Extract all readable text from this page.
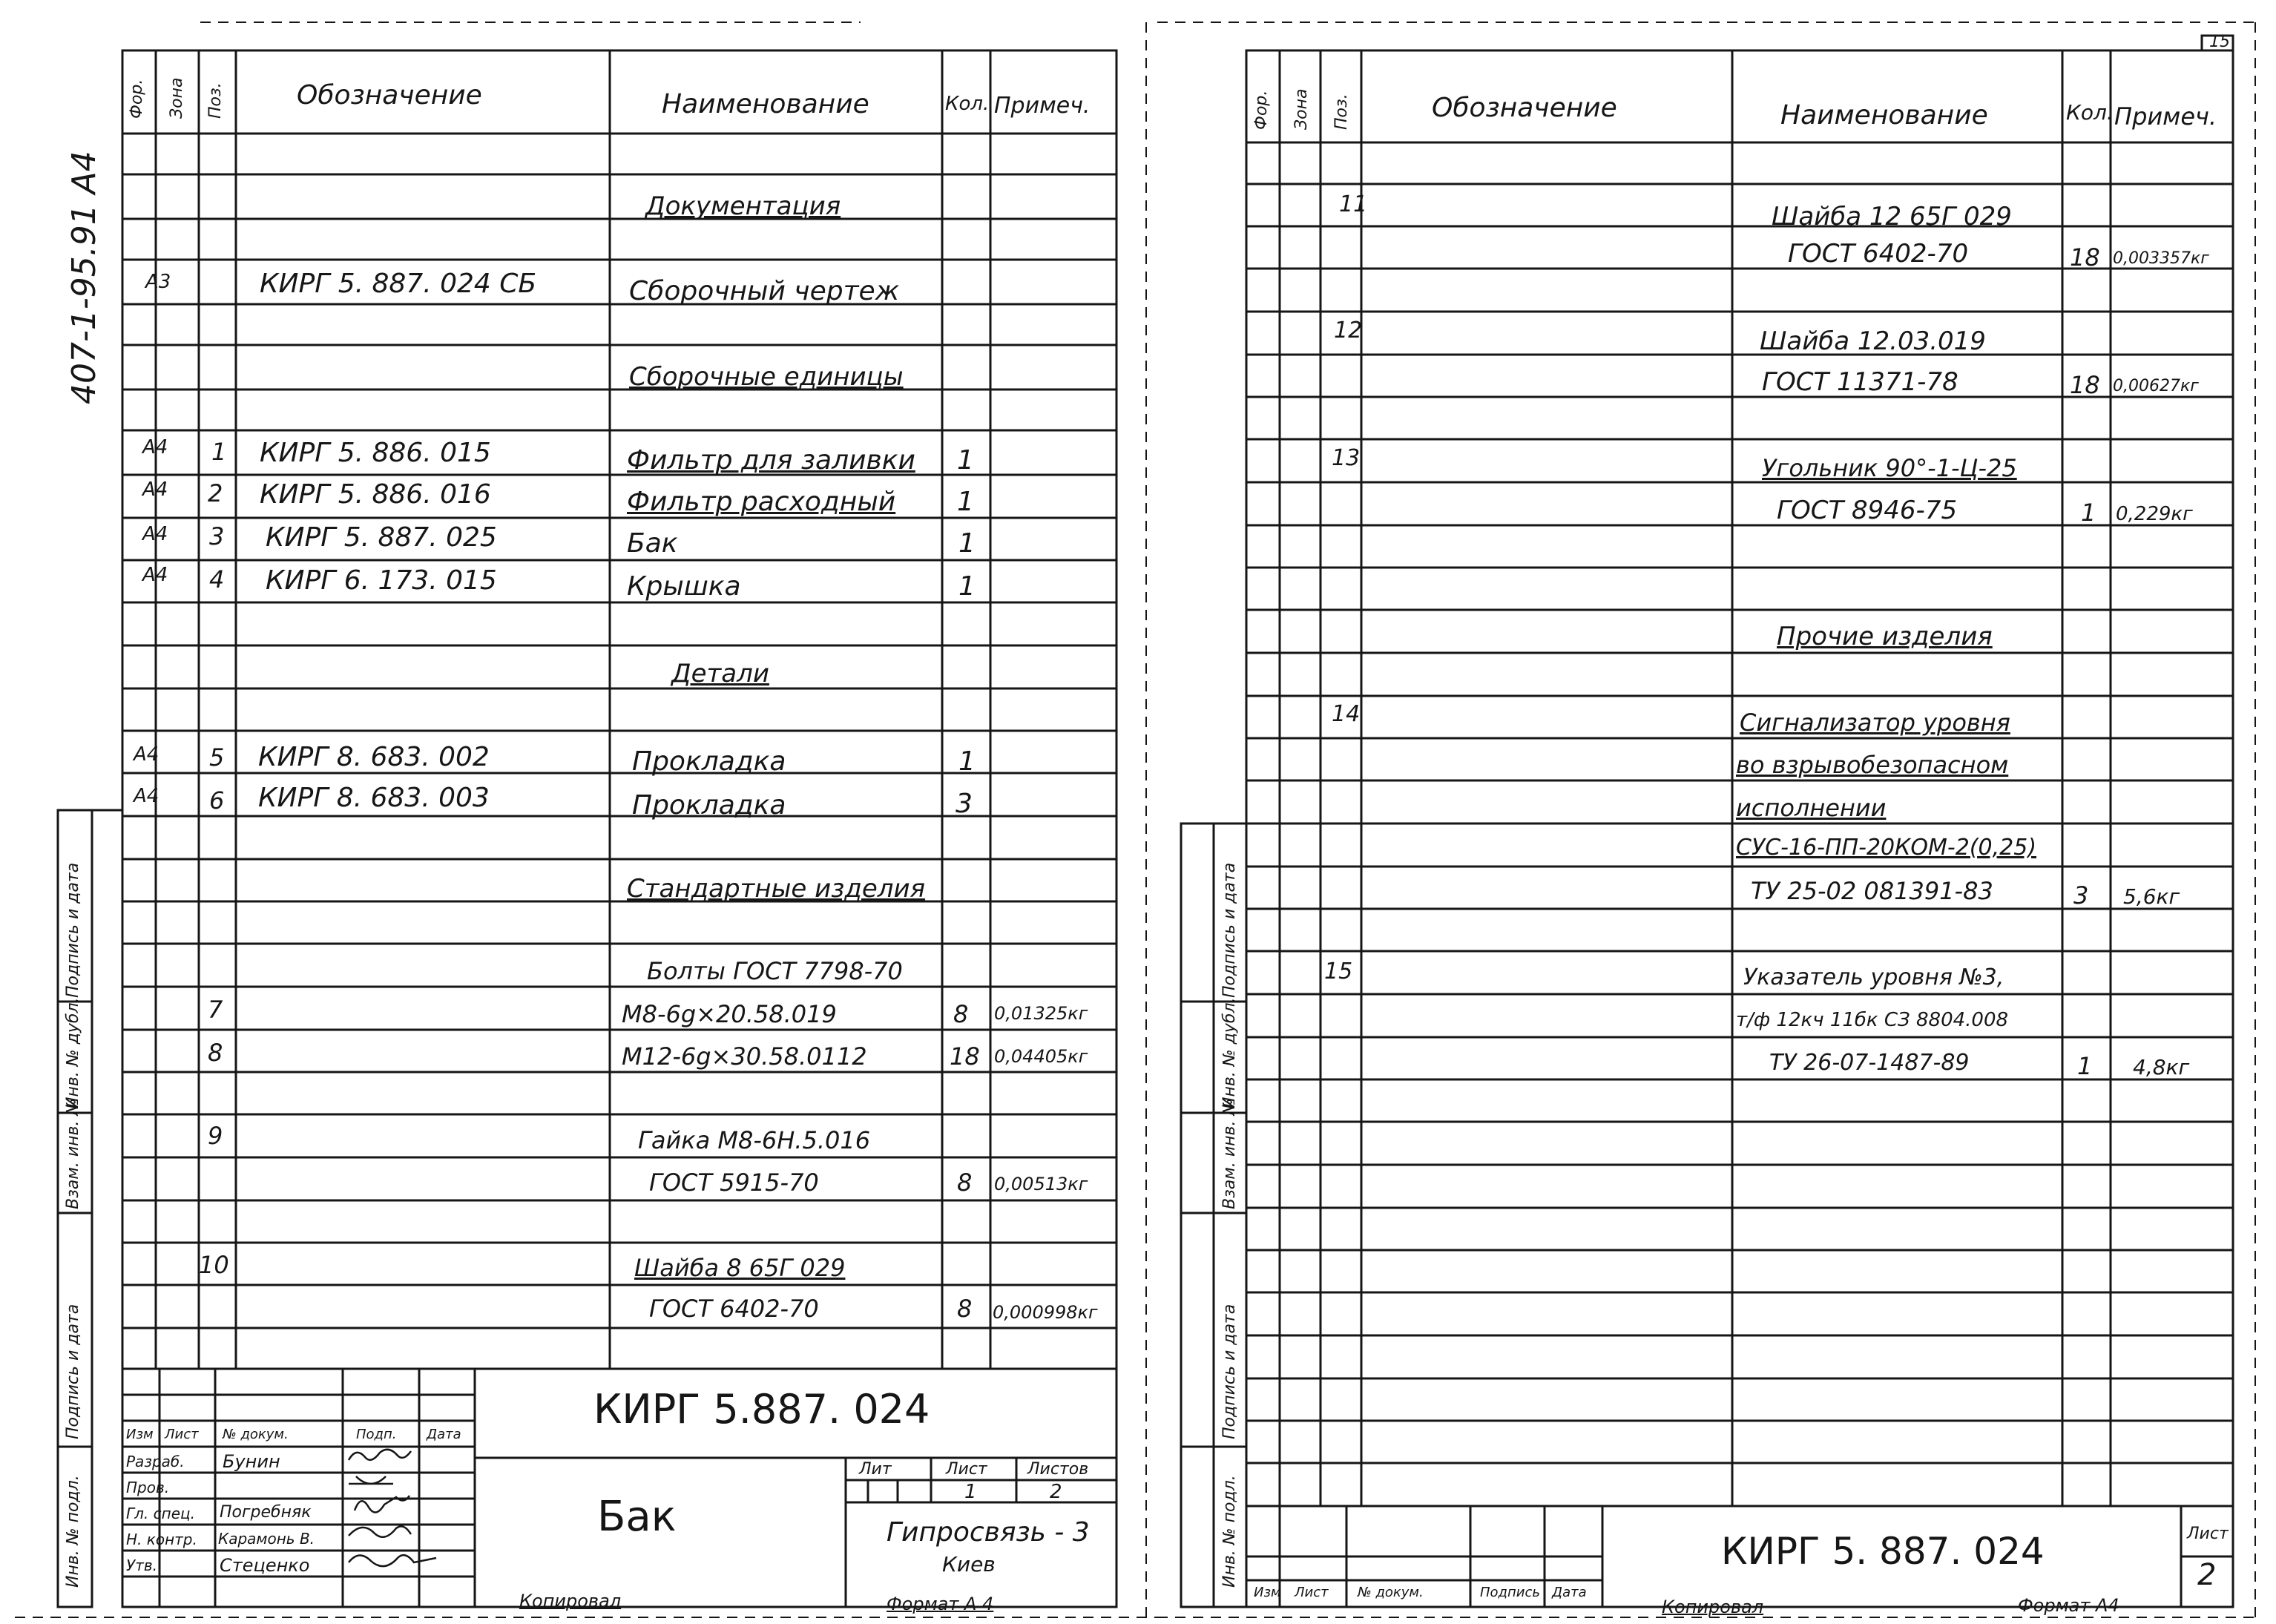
407-1-95.91 A4
Фор. Зона Поз.	Обозначение	Наименование	Кол. Примеч.
Документация
А3	КИРГ 5. 887. 024 СБ	Сборочный чертеж
Сборочные единицы
А4 1 КИРГ 5. 886. 015	Фильтр для заливки 1
А4 2 КИРГ 5. 886. 016	Фильтр расходный 1
А4 3 КИРГ 5. 887. 025	Бак	1
А4 4 КИРГ 6. 173. 015	Крышка	1
Детали
А4 5 КИРГ 8. 683. 002	Прокладка	1
А4 6 КИРГ 8. 683. 003	Прокладка	3
Стандартные изделия
Болты ГОСТ 7798-70
7	М8-6g×20.58.019	8 0,01325кг
8	М12-6g×30.58.0112	18 0,04405кг
9	Гайка М8-6Н.5.016
ГОСТ 5915-70	8 0,00513кг
10	Шайба 8 65Г 029
ГОСТ 6402-70	8 0,000998кг
Инв. № подл.
Подпись и дата
Взам. инв. №
Инв. № дубл.
Подпись и дата
Изм Лист № докум.	Подп. Дата
Разраб. Бунин
Пров.
Гл. спец. Погребняк
Н. контр. Карамонь В.
Утв.	Стеценко
КИРГ 5.887. 024
Бак
Лит	Лист Листов
1	2
Гипросвязь - 3
Киев
Копировал	Формат А 4
15
Фор. Зона Поз.	Обозначение	Наименование	Кол. Примеч.
11	Шайба 12 65Г 029
ГОСТ 6402-70	18 0,003357кг
12	Шайба 12.03.019
ГОСТ 11371-78	18 0,00627кг
13	Угольник 90°-1-Ц-25
ГОСТ 8946-75	1 0,229кг
Прочие изделия
14	Сигнализатор уровня
во взрывобезопасном
исполнении
СУС-16-ПП-20КОМ-2(0,25)
ТУ 25-02 081391-83	3 5,6кг
15	Указатель уровня №3,
т/ф 12кч 11бк СЗ 8804.008
ТУ 26-07-1487-89	1 4,8кг
Инв. № подл.
Подпись и дата
Взам. инв. №
Инв. № дубл.
Подпись и дата
Изм Лист № докум.	Подпись Дата
КИРГ 5. 887. 024	Лист
2
Копировал	Формат А4
